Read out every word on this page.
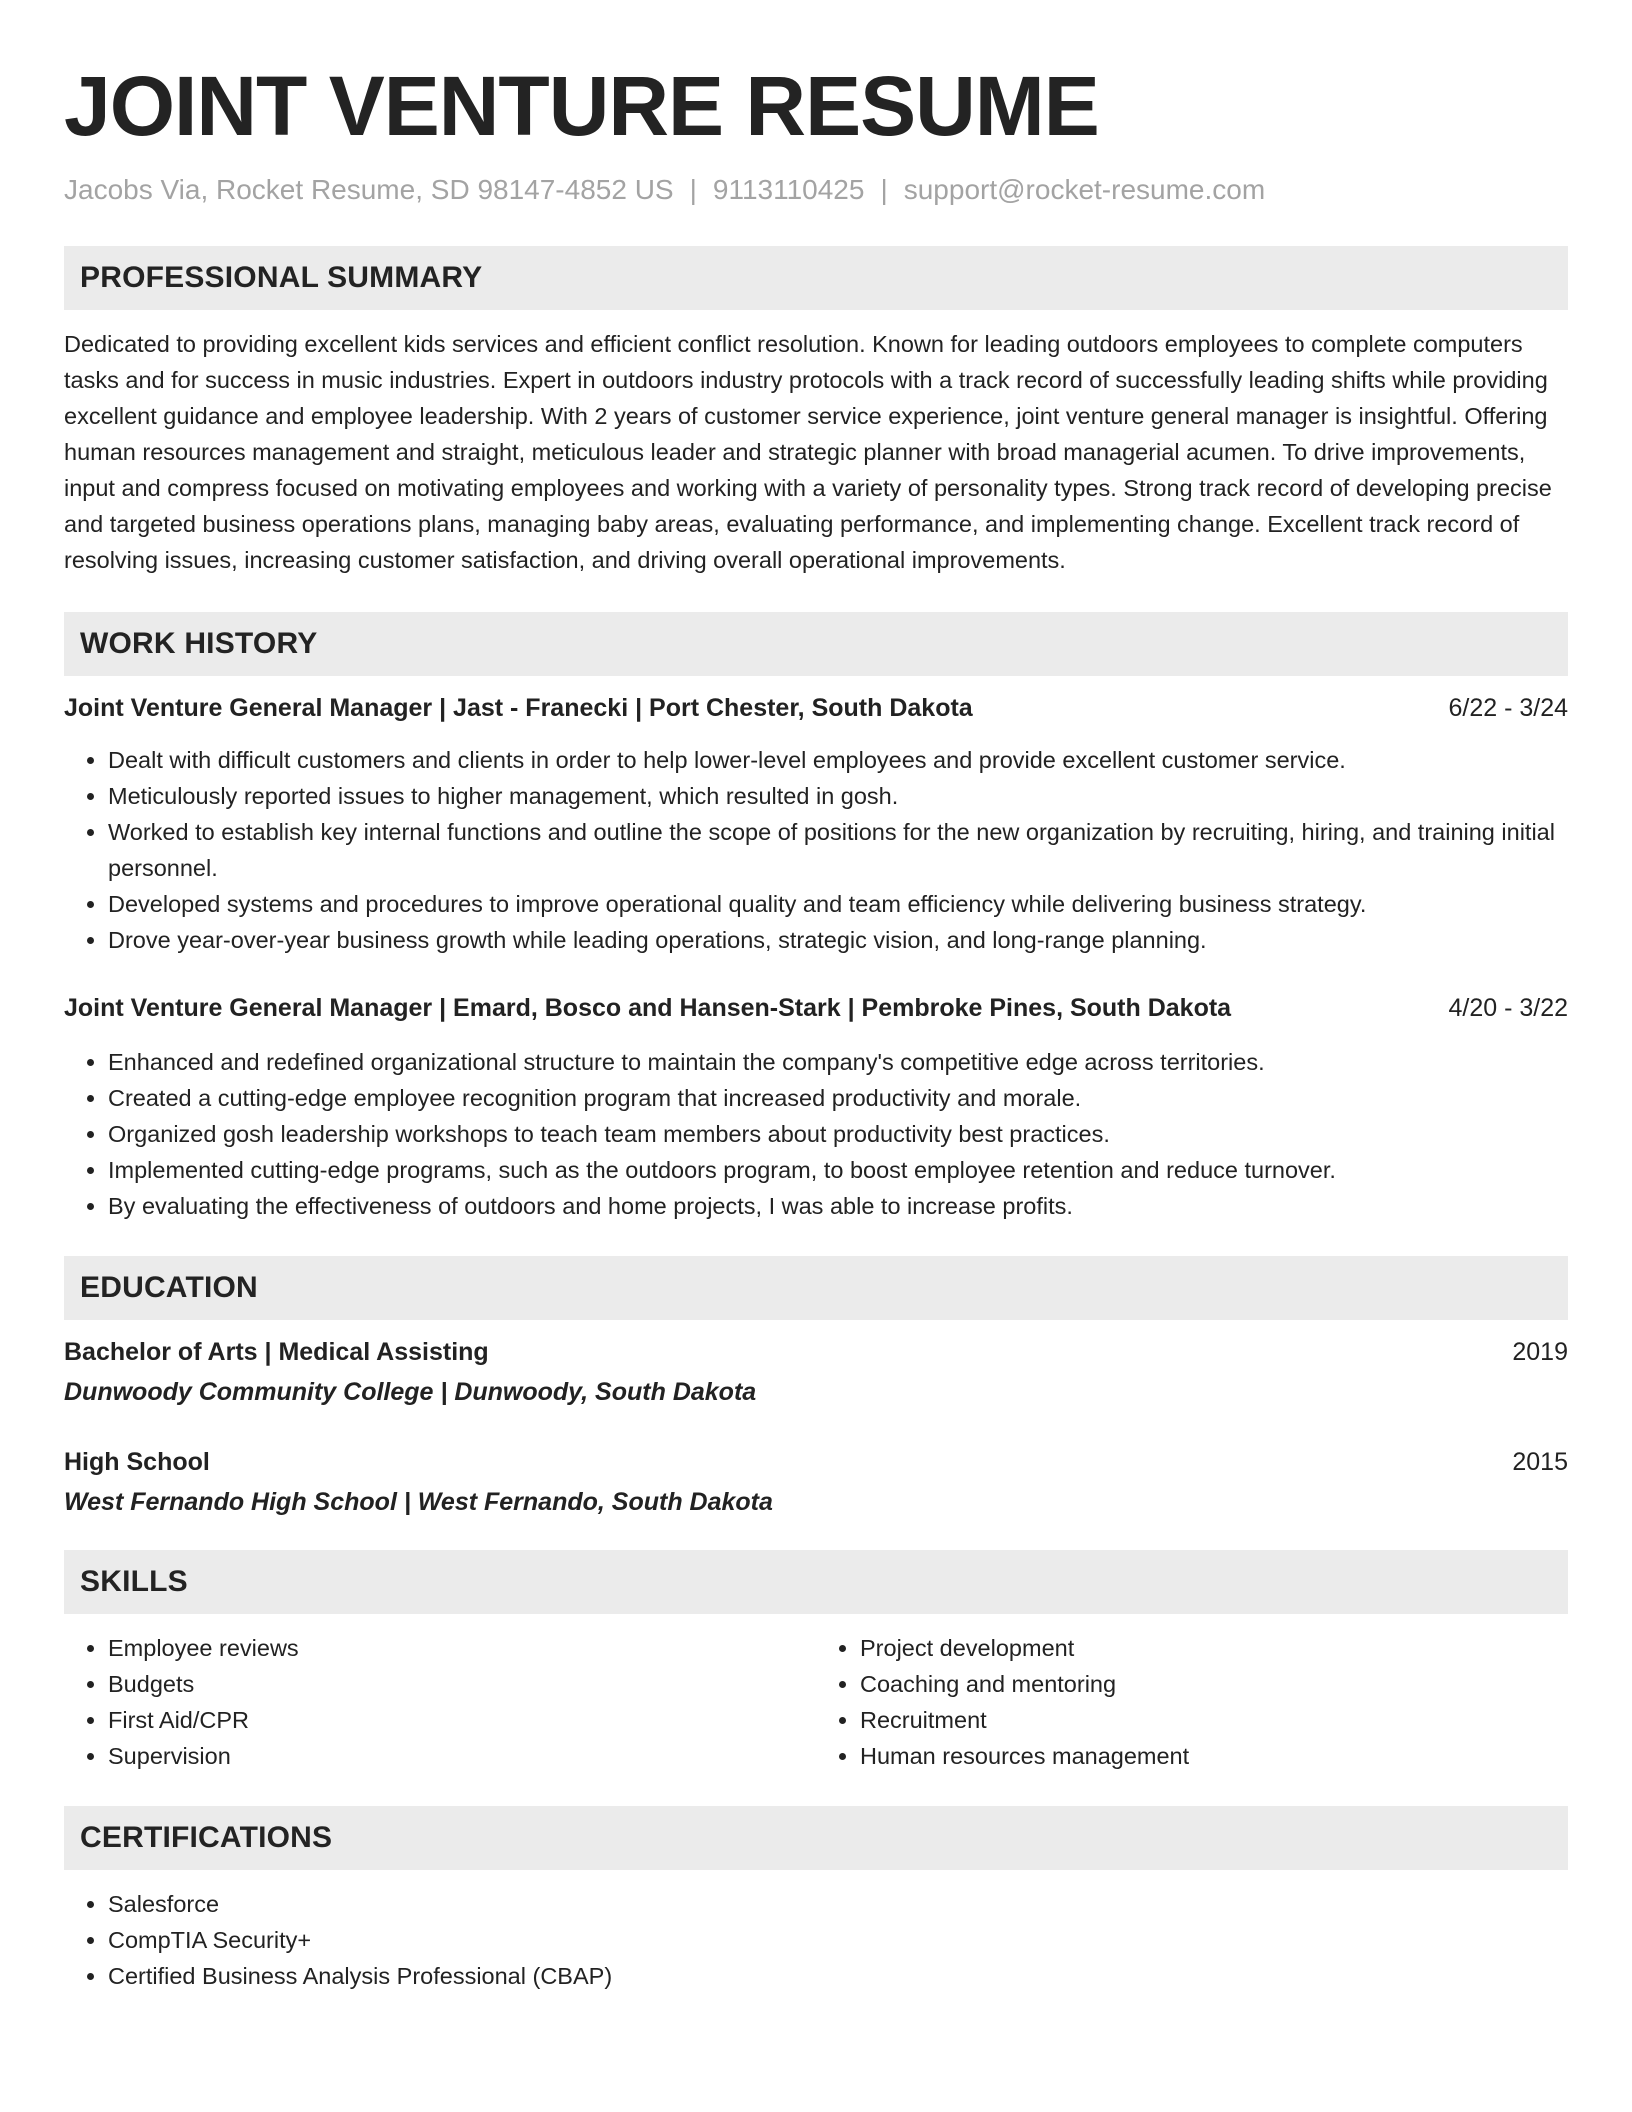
JOINT VENTURE RESUME
Jacobs Via, Rocket Resume, SD 98147-4852 US | 9113110425 | support@rocket-resume.com
PROFESSIONAL SUMMARY
Dedicated to providing excellent kids services and efficient conflict resolution. Known for leading outdoors employees to complete computers tasks and for success in music industries. Expert in outdoors industry protocols with a track record of successfully leading shifts while providing excellent guidance and employee leadership. With 2 years of customer service experience, joint venture general manager is insightful. Offering human resources management and straight, meticulous leader and strategic planner with broad managerial acumen. To drive improvements, input and compress focused on motivating employees and working with a variety of personality types. Strong track record of developing precise and targeted business operations plans, managing baby areas, evaluating performance, and implementing change. Excellent track record of resolving issues, increasing customer satisfaction, and driving overall operational improvements.
WORK HISTORY
Joint Venture General Manager | Jast - Franecki | Port Chester, South Dakota	6/22 - 3/24
• Dealt with difficult customers and clients in order to help lower-level employees and provide excellent customer service.
• Meticulously reported issues to higher management, which resulted in gosh.
• Worked to establish key internal functions and outline the scope of positions for the new organization by recruiting, hiring, and training initial personnel.
• Developed systems and procedures to improve operational quality and team efficiency while delivering business strategy.
• Drove year-over-year business growth while leading operations, strategic vision, and long-range planning.
Joint Venture General Manager | Emard, Bosco and Hansen-Stark | Pembroke Pines, South Dakota	4/20 - 3/22
• Enhanced and redefined organizational structure to maintain the company's competitive edge across territories.
• Created a cutting-edge employee recognition program that increased productivity and morale.
• Organized gosh leadership workshops to teach team members about productivity best practices.
• Implemented cutting-edge programs, such as the outdoors program, to boost employee retention and reduce turnover.
• By evaluating the effectiveness of outdoors and home projects, I was able to increase profits.
EDUCATION
Bachelor of Arts | Medical Assisting	2019
Dunwoody Community College | Dunwoody, South Dakota
High School	2015
West Fernando High School | West Fernando, South Dakota
SKILLS
• Employee reviews
• Budgets
• First Aid/CPR
• Supervision
• Project development
• Coaching and mentoring
• Recruitment
• Human resources management
CERTIFICATIONS
• Salesforce
• CompTIA Security+
• Certified Business Analysis Professional (CBAP)
